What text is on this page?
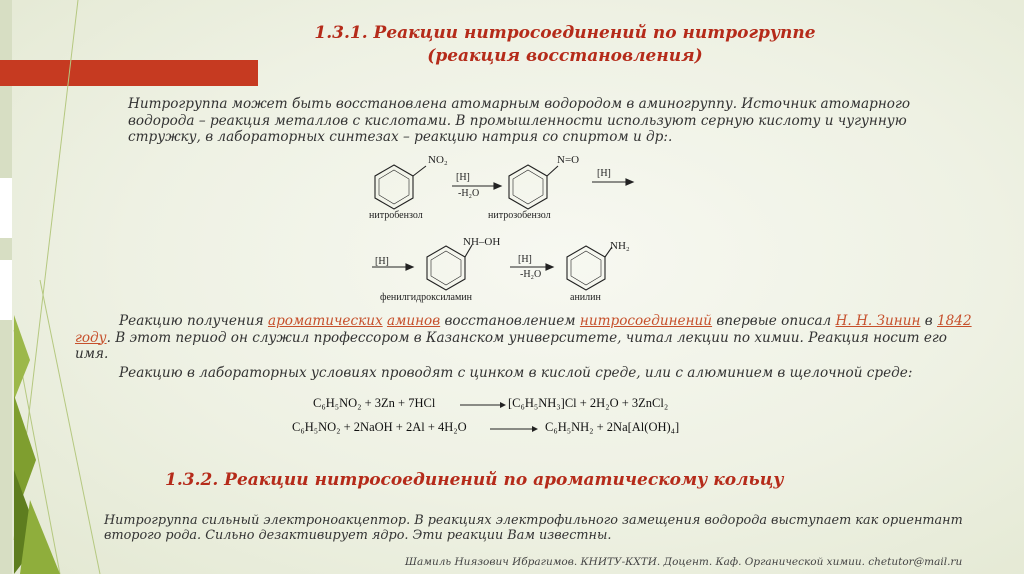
1.3.1. Реакции нитросоединений по нитрогруппе
(реакция восстановления)
Нитрогруппа может быть восстановлена атомарным водородом в аминогруппу. Источник атомарного водорода – реакция металлов с кислотами. В промышленности используют серную кислоту и чугунную стружку, в лабораторных синтезах – реакцию натрия со спиртом и др:.
NO₂
[H]
-H₂O
N=O
[H]
нитробензол	нитрозобензол
[H]
NH–OH
[H]
-H₂O
NH₂
фенилгидроксиламин	анилин
Реакцию получения ароматических аминов восстановлением нитросоединений впервые описал Н. Н. Зинин в 1842 году. В этот период он служил профессором в Казанском университете, читал лекции по химии. Реакция носит его имя.
Реакцию в лабораторных условиях проводят с цинком в кислой среде, или с алюминием в щелочной среде:
C₆H₅NO₂ + 3Zn + 7HCl	[C₆H₅NH₃]Cl + 2H₂O + 3ZnCl₂
C₆H₅NO₂ + 2NaOH + 2Al + 4H₂O	C₆H₅NH₂ + 2Na[Al(OH)₄]
1.3.2. Реакции нитросоединений по ароматическому кольцу
Нитрогруппа сильный электроноакцептор. В реакциях электрофильного замещения водорода выступает как ориентант второго рода. Сильно дезактивирует ядро. Эти реакции Вам известны.
Шамиль Ниязович Ибрагимов. КНИТУ-КХТИ. Доцент. Каф. Органической химии. chetutor@mail.ru
